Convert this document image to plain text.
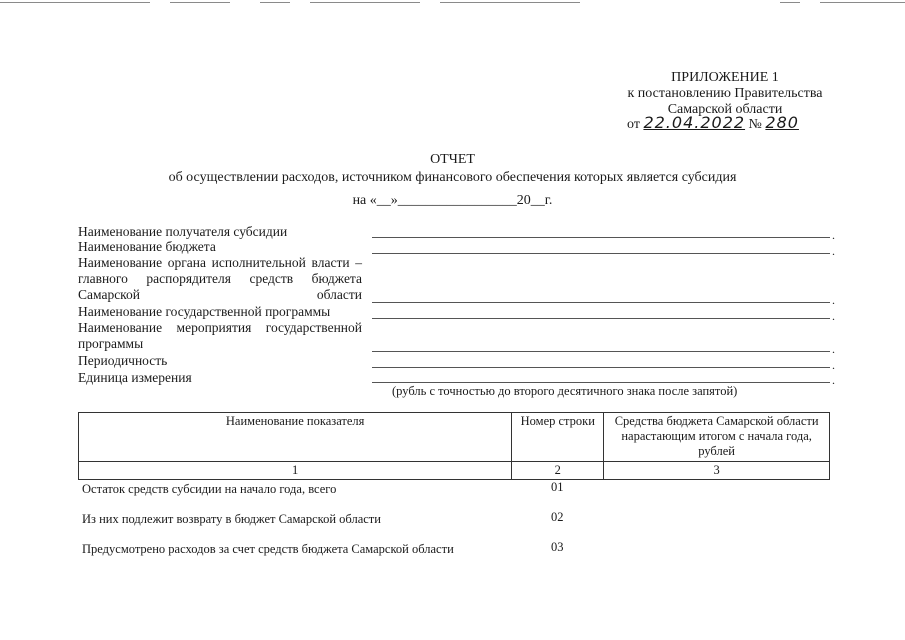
ПРИЛОЖЕНИЕ 1
к постановлению Правительства
Самарской области
от 22.04.2022 № 280
ОТЧЕТ
об осуществлении расходов, источником финансового обеспечения которых является субсидия
на «__»_________________20__г.
Наименование получателя субсидии	.
Наименование бюджета	.
Наименование органа исполнительной власти – главного распорядителя средств бюджета Самарской области	.
Наименование государственной программы	.
Наименование мероприятия государственной программы	.
Периодичность	.
Единица измерения	.
(рубль с точностью до второго десятичного знака после запятой)
Наименование показателя	Номер строки	Средства бюджета Самарской области нарастающим итогом с начала года, рублей
1	2	3
Остаток средств субсидии на начало года, всего	01
Из них подлежит возврату в бюджет Самарской области	02
Предусмотрено расходов за счет средств бюджета Самарской области	03
